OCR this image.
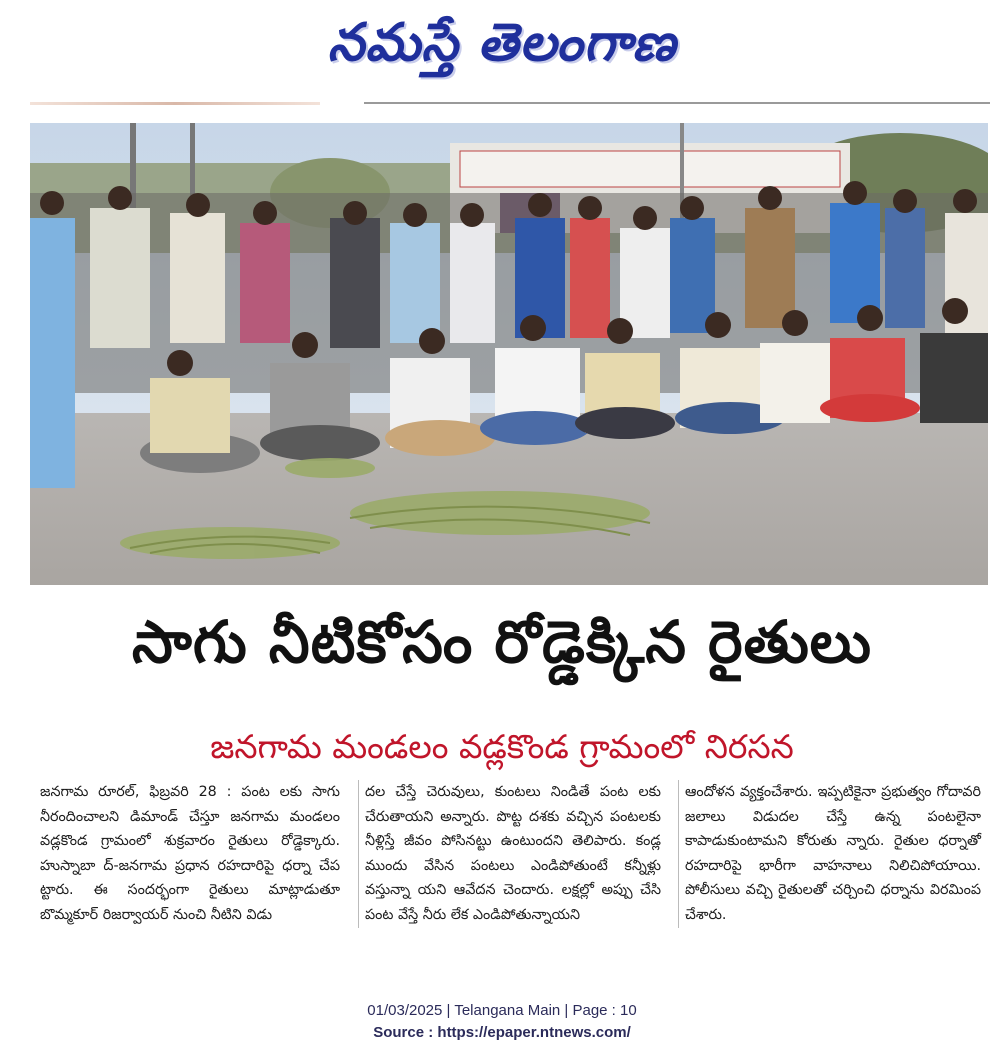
నమస్తే తెలంగాణ
సాగు నీటికోసం రోడ్డెక్కిన రైతులు
జనగామ మండలం వడ్లకొండ గ్రామంలో నిరసన
జనగామ రూరల్, ఫిబ్రవరి 28 : పంట లకు సాగు నీరందించాలని డిమాండ్ చేస్తూ జనగామ మండలం వడ్లకొండ గ్రామంలో శుక్రవారం రైతులు రోడ్డెక్కారు. హుస్నాబా ద్-జనగామ ప్రధాన రహదారిపై ధర్నా చేప ట్టారు. ఈ సందర్భంగా రైతులు మాట్లాడుతూ బొమ్మకూర్ రిజర్వాయర్ నుంచి నీటిని విడు
దల చేస్తే చెరువులు, కుంటలు నిండితే పంట లకు చేరుతాయని అన్నారు. పొట్ట దశకు వచ్చిన పంటలకు నీళ్లిస్తే జీవం పోసినట్టు ఉంటుందని తెలిపారు. కండ్ల ముందు వేసిన పంటలు ఎండిపోతుంటే కన్నీళ్లు వస్తున్నా యని ఆవేదన చెందారు. లక్షల్లో అప్పు చేసి పంట వేస్తే నీరు లేక ఎండిపోతున్నాయని
ఆందోళన వ్యక్తంచేశారు. ఇప్పటికైనా ప్రభుత్వం గోదావరి జలాలు విడుదల చేస్తే ఉన్న పంటలైనా కాపాడుకుంటామని కోరుతు న్నారు. రైతుల ధర్నాతో రహదారిపై భారీగా వాహనాలు నిలిచిపోయాయి. పోలీసులు వచ్చి రైతులతో చర్చించి ధర్నాను విరమింప చేశారు.
01/03/2025 | Telangana Main | Page : 10
Source : https://epaper.ntnews.com/
